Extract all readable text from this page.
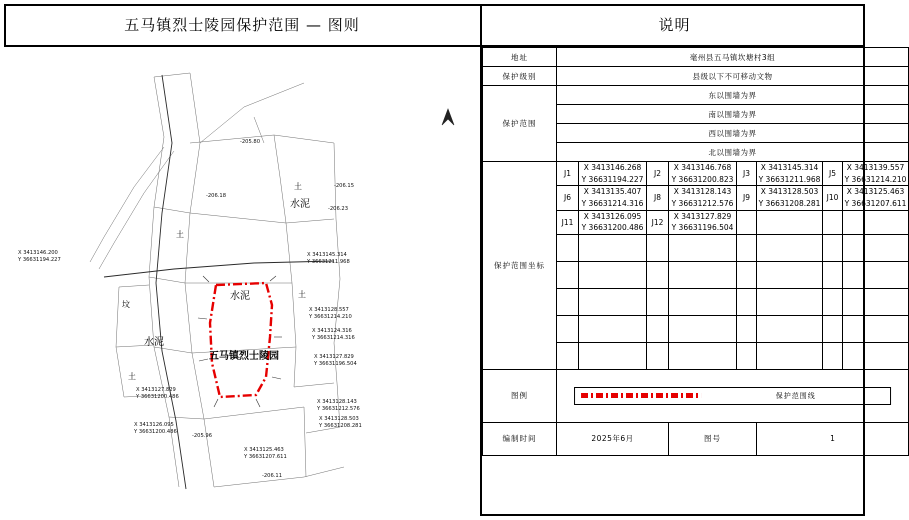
五马镇烈士陵园保护范围 — 图则	说明
五马镇烈士陵园
水泥
水泥
水泥
坟
土
土
土
土
-206.15
-206.23
-205.80
-206.18
-205.96
-206.11
X 3413146.200
Y 36631194.227
X 3413145.314
Y 36631211.968
X 3413128.557
Y 36631214.210
X 3413124.316
Y 36631214.316
X 3413127.829
Y 36631196.504
X 3413127.829
Y 36631200.486
X 3413126.095
Y 36631200.486
X 3413128.143
Y 36631212.576
X 3413128.503
Y 36631208.281
X 3413125.463
Y 36631207.611
地址	毫州县五马镇坎塘村3组							
保护级别	县级以下不可移动文物							
保护范围	东以围墙为界							
	南以围墙为界							
	西以围墙为界							
	北以围墙为界							
保护范围坐标	J1	
X 3413146.268
Y 36631194.227
	J2	
X 3413146.768
Y 36631200.823
	J3	
X 3413145.314
Y 36631211.968
	J5	
X 3413139.557
Y 36631214.210

J6	
X 3413135.407
Y 36631214.316
	J8	
X 3413128.143
Y 36631212.576
	J9	
X 3413128.503
Y 36631208.281
	J10	
X 3413125.463
Y 36631207.611

J11	
X 3413126.095
Y 36631200.486
	J12	
X 3413127.829
Y 36631196.504

图例	保护范围线							

编制时间	2025年6月			图号		1		
